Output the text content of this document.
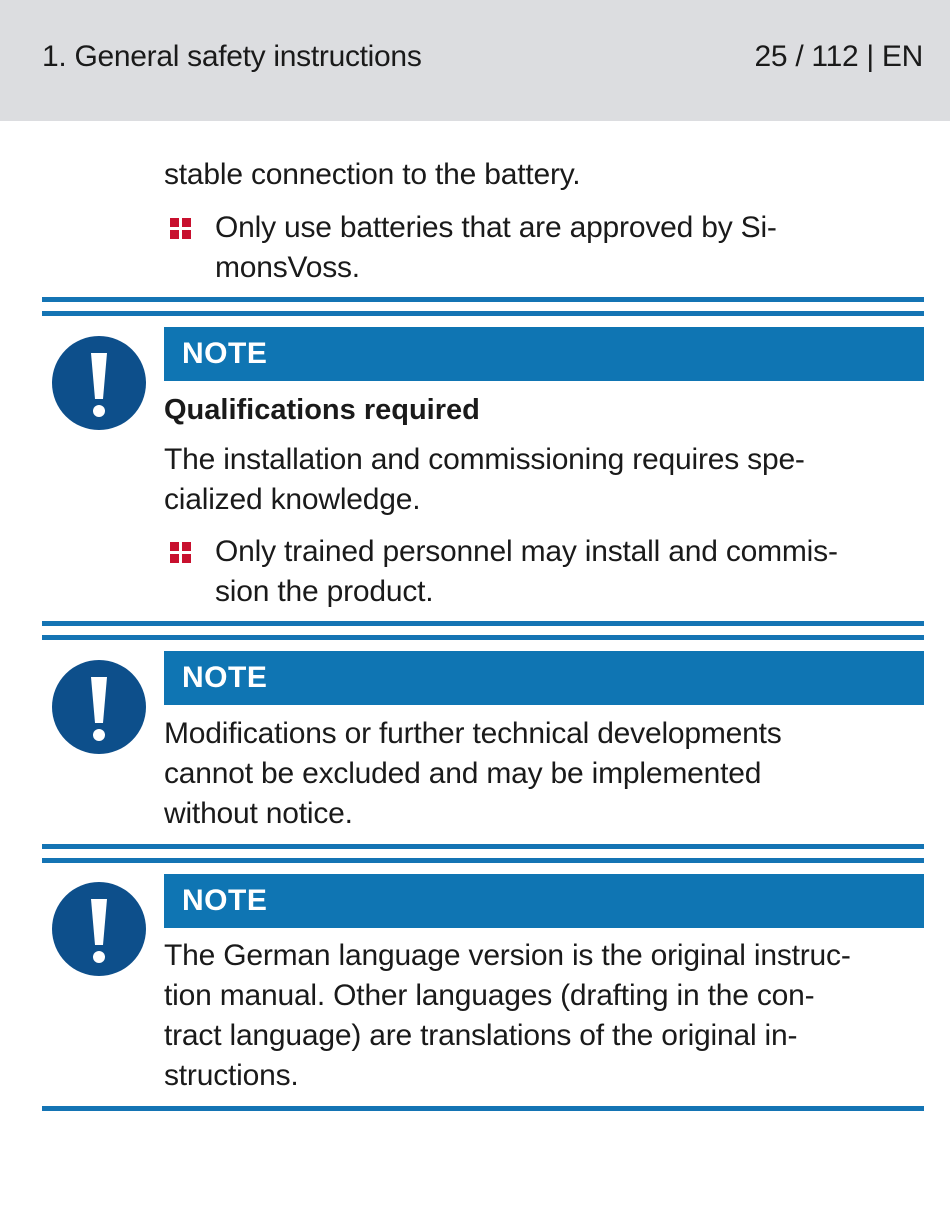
1. General safety instructions	25 / 112 | EN
stable connection to the battery.
Only use batteries that are approved by Si-
monsVoss.
NOTE
Qualifications required
The installation and commissioning requires spe-
cialized knowledge.
Only trained personnel may install and commis-
sion the product.
NOTE
Modifications or further technical developments
cannot be excluded and may be implemented
without notice.
NOTE
The German language version is the original instruc-
tion manual. Other languages (drafting in the con-
tract language) are translations of the original in-
structions.
